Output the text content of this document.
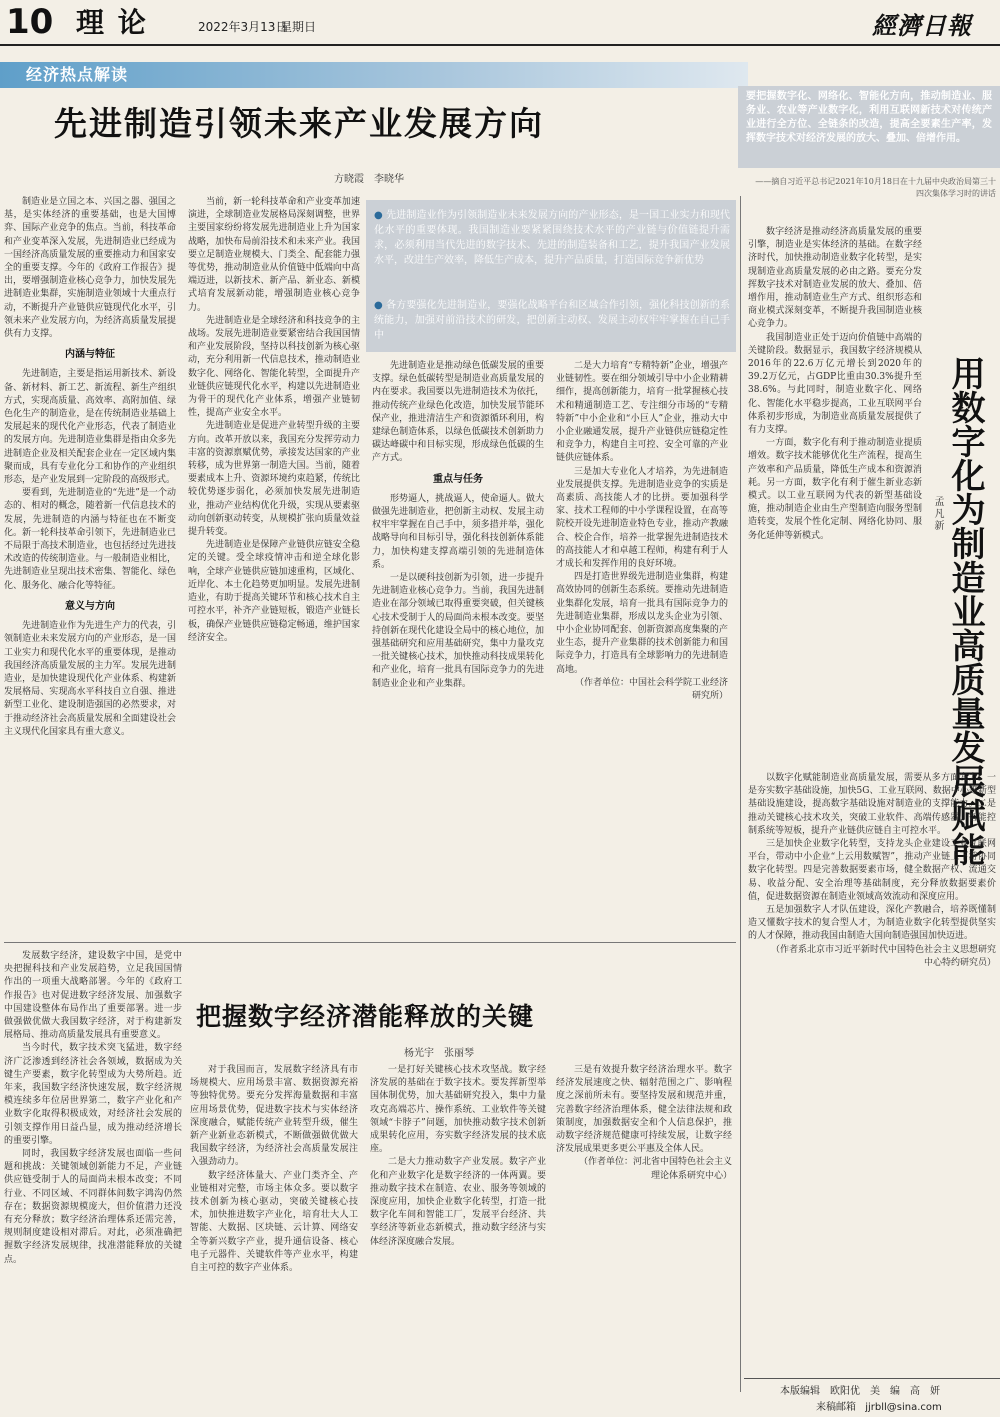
10 理 论	2022年3月13日
星期日	經濟日報
经济热点解读
先进制造引领未来产业发展方向
方晓霞　李晓华
要把握数字化、网络化、智能化方向，推动制造业、服务业、农业等产业数字化，利用互联网新技术对传统产业进行全方位、全链条的改造，提高全要素生产率，发挥数字技术对经济发展的放大、叠加、倍增作用。
——摘自习近平总书记2021年10月18日在十九届中央政治局第三十四次集体学习时的讲话
● 先进制造业作为引领制造业未来发展方向的产业形态，是一国工业实力和现代化水平的重要体现。我国制造业要紧紧围绕技术水平的产业链与价值链提升需求，必须利用当代先进的数字技术、先进的制造装备和工艺，提升我国产业发展水平，改进生产效率，降低生产成本，提升产品质量，打造国际竞争新优势
● 各方要强化先进制造业，要强化战略平台和区域合作引领，强化科技创新的系统能力，加强对前沿技术的研发，把创新主动权、发展主动权牢牢掌握在自己手中

制造业是立国之本、兴国之器、强国之基，是实体经济的重要基础，也是大国博弈、国际产业竞争的焦点。当前，科技革命和产业变革深入发展，先进制造业已经成为一国经济高质量发展的重要推动力和国家安全的重要支撑。今年的《政府工作报告》提出，要增强制造业核心竞争力，加快发展先进制造业集群，实施制造业领域十大重点行动，不断提升产业链供应链现代化水平，引领未来产业发展方向，为经济高质量发展提供有力支撑。

内涵与特征

先进制造，主要是指运用新技术、新设备、新材料、新工艺、新流程、新生产组织方式，实现高质量、高效率、高附加值、绿色化生产的制造业，是在传统制造业基础上发展起来的现代化产业形态，代表了制造业的发展方向。先进制造业集群是指由众多先进制造企业及相关配套企业在一定区域内集聚而成，具有专业化分工和协作的产业组织形态，是产业发展到一定阶段的高级形式。

要看到，先进制造业的“先进”是一个动态的、相对的概念，随着新一代信息技术的发展，先进制造的内涵与特征也在不断变化。新一轮科技革命引领下，先进制造业已不局限于高技术制造业，也包括经过先进技术改造的传统制造业。与一般制造业相比，先进制造业呈现出技术密集、智能化、绿色化、服务化、融合化等特征。

意义与方向

先进制造业作为先进生产力的代表，引领制造业未来发展方向的产业形态，是一国工业实力和现代化水平的重要体现，是推动我国经济高质量发展的主力军。发展先进制造业，是加快建设现代化产业体系、构建新发展格局、实现高水平科技自立自强、推进新型工业化、建设制造强国的必然要求，对于推动经济社会高质量发展和全面建设社会主义现代化国家具有重大意义。

当前，新一轮科技革命和产业变革加速演进，全球制造业发展格局深刻调整，世界主要国家纷纷将发展先进制造业上升为国家战略，加快布局前沿技术和未来产业。我国要立足制造业规模大、门类全、配套能力强等优势，推动制造业从价值链中低端向中高端迈进，以新技术、新产品、新业态、新模式培育发展新动能，增强制造业核心竞争力。

先进制造业是全球经济和科技竞争的主战场。发展先进制造业要紧密结合我国国情和产业发展阶段，坚持以科技创新为核心驱动，充分利用新一代信息技术，推动制造业数字化、网络化、智能化转型，全面提升产业链供应链现代化水平，构建以先进制造业为骨干的现代化产业体系，增强产业链韧性，提高产业安全水平。

先进制造业是促进产业转型升级的主要方向。改革开放以来，我国充分发挥劳动力丰富的资源禀赋优势，承接发达国家的产业转移，成为世界第一制造大国。当前，随着要素成本上升、资源环境约束趋紧，传统比较优势逐步弱化，必须加快发展先进制造业，推动产业结构优化升级，实现从要素驱动向创新驱动转变，从规模扩张向质量效益提升转变。

先进制造业是保障产业链供应链安全稳定的关键。受全球疫情冲击和逆全球化影响，全球产业链供应链加速重构，区域化、近岸化、本土化趋势更加明显。发展先进制造业，有助于提高关键环节和核心技术自主可控水平，补齐产业链短板，锻造产业链长板，确保产业链供应链稳定畅通，维护国家经济安全。

先进制造业是推动绿色低碳发展的重要支撑。绿色低碳转型是制造业高质量发展的内在要求。我国要以先进制造技术为依托，推动传统产业绿色化改造，加快发展节能环保产业，推进清洁生产和资源循环利用，构建绿色制造体系，以绿色低碳技术创新助力碳达峰碳中和目标实现，形成绿色低碳的生产方式。

重点与任务

形势逼人，挑战逼人，使命逼人。做大做强先进制造业，把创新主动权、发展主动权牢牢掌握在自己手中，须多措并举，强化战略导向和目标引导，强化科技创新体系能力，加快构建支撑高端引领的先进制造体系。

一是以硬科技创新为引领，进一步提升先进制造业核心竞争力。当前，我国先进制造业在部分领域已取得重要突破，但关键核心技术受制于人的局面尚未根本改变。要坚持创新在现代化建设全局中的核心地位，加强基础研究和应用基础研究，集中力量攻克一批关键核心技术，加快推动科技成果转化和产业化，培育一批具有国际竞争力的先进制造业企业和产业集群。

二是大力培育“专精特新”企业，增强产业链韧性。要在细分领域引导中小企业精耕细作，提高创新能力，培育一批掌握核心技术和精通制造工艺、专注细分市场的“专精特新”中小企业和“小巨人”企业，推动大中小企业融通发展，提升产业链供应链稳定性和竞争力，构建自主可控、安全可靠的产业链供应链体系。

三是加大专业化人才培养，为先进制造业发展提供支撑。先进制造业竞争的实质是高素质、高技能人才的比拼。要加强科学家、技术工程师的中小学课程设置，在高等院校开设先进制造业特色专业，推动产教融合、校企合作，培养一批掌握先进制造技术的高技能人才和卓越工程师，构建有利于人才成长和发挥作用的良好环境。

四是打造世界级先进制造业集群，构建高效协同的创新生态系统。要推动先进制造业集群化发展，培育一批具有国际竞争力的先进制造业集群，形成以龙头企业为引领、中小企业协同配套、创新资源高度集聚的产业生态，提升产业集群的技术创新能力和国际竞争力，打造具有全球影响力的先进制造高地。

（作者单位：中国社会科学院工业经济研究所）

把握数字经济潜能释放的关键
杨光宇　张丽琴

发展数字经济，建设数字中国，是党中央把握科技和产业发展趋势，立足我国国情作出的一项重大战略部署。今年的《政府工作报告》也对促进数字经济发展、加强数字中国建设整体布局作出了重要部署。进一步做强做优做大我国数字经济，对于构建新发展格局、推动高质量发展具有重要意义。

当今时代，数字技术突飞猛进，数字经济广泛渗透到经济社会各领域，数据成为关键生产要素，数字化转型成为大势所趋。近年来，我国数字经济快速发展，数字经济规模连续多年位居世界第二，数字产业化和产业数字化取得积极成效，对经济社会发展的引领支撑作用日益凸显，成为推动经济增长的重要引擎。

同时，我国数字经济发展也面临一些问题和挑战：关键领域创新能力不足，产业链供应链受制于人的局面尚未根本改变；不同行业、不同区域、不同群体间数字鸿沟仍然存在；数据资源规模庞大，但价值潜力还没有充分释放；数字经济治理体系还需完善，规则制度建设相对滞后。对此，必须准确把握数字经济发展规律，找准潜能释放的关键点。

对于我国而言，发展数字经济具有市场规模大、应用场景丰富、数据资源充裕等独特优势。要充分发挥海量数据和丰富应用场景优势，促进数字技术与实体经济深度融合，赋能传统产业转型升级，催生新产业新业态新模式，不断做强做优做大我国数字经济，为经济社会高质量发展注入强劲动力。

数字经济体量大、产业门类齐全、产业链相对完整，市场主体众多。要以数字技术创新为核心驱动，突破关键核心技术，加快推进数字产业化，培育壮大人工智能、大数据、区块链、云计算、网络安全等新兴数字产业，提升通信设备、核心电子元器件、关键软件等产业水平，构建自主可控的数字产业体系。

一是打好关键核心技术攻坚战。数字经济发展的基础在于数字技术。要发挥新型举国体制优势，加大基础研究投入，集中力量攻克高端芯片、操作系统、工业软件等关键领域“卡脖子”问题，加快推动数字技术创新成果转化应用，夯实数字经济发展的技术底座。

二是大力推动数字产业发展。数字产业化和产业数字化是数字经济的一体两翼。要推动数字技术在制造、农业、服务等领域的深度应用，加快企业数字化转型，打造一批数字化车间和智能工厂，发展平台经济、共享经济等新业态新模式，推动数字经济与实体经济深度融合发展。

三是有效提升数字经济治理水平。数字经济发展速度之快、辐射范围之广、影响程度之深前所未有。要坚持发展和规范并重，完善数字经济治理体系，健全法律法规和政策制度，加强数据安全和个人信息保护，推动数字经济规范健康可持续发展，让数字经济发展成果更多更公平惠及全体人民。

（作者单位：河北省中国特色社会主义理论体系研究中心）

用数字化为制造业高质量发展赋能
孟凡新

数字经济是推动经济高质量发展的重要引擎，制造业是实体经济的基础。在数字经济时代，加快推动制造业数字化转型，是实现制造业高质量发展的必由之路。要充分发挥数字技术对制造业发展的放大、叠加、倍增作用，推动制造业生产方式、组织形态和商业模式深刻变革，不断提升我国制造业核心竞争力。

我国制造业正处于迈向价值链中高端的关键阶段。数据显示，我国数字经济规模从2016年的22.6万亿元增长到2020年的39.2万亿元，占GDP比重由30.3%提升至38.6%。与此同时，制造业数字化、网络化、智能化水平稳步提高，工业互联网平台体系初步形成，为制造业高质量发展提供了有力支撑。

一方面，数字化有利于推动制造业提质增效。数字技术能够优化生产流程，提高生产效率和产品质量，降低生产成本和资源消耗。另一方面，数字化有利于催生新业态新模式。以工业互联网为代表的新型基础设施，推动制造企业由生产型制造向服务型制造转变，发展个性化定制、网络化协同、服务化延伸等新模式。

以数字化赋能制造业高质量发展，需要从多方面发力。一是夯实数字基础设施，加快5G、工业互联网、数据中心等新型基础设施建设，提高数字基础设施对制造业的支撑能力。二是推动关键核心技术攻关，突破工业软件、高端传感器、智能控制系统等短板，提升产业链供应链自主可控水平。

三是加快企业数字化转型，支持龙头企业建设工业互联网平台，带动中小企业“上云用数赋智”，推动产业链上下游协同数字化转型。四是完善数据要素市场，健全数据产权、流通交易、收益分配、安全治理等基础制度，充分释放数据要素价值，促进数据资源在制造业领域高效流动和深度应用。

五是加强数字人才队伍建设，深化产教融合，培养既懂制造又懂数字技术的复合型人才，为制造业数字化转型提供坚实的人才保障，推动我国由制造大国向制造强国加快迈进。

（作者系北京市习近平新时代中国特色社会主义思想研究中心特约研究员）

本版编辑　欧阳优　美　编　高　妍
来稿邮箱 jjrbll@sina.com
